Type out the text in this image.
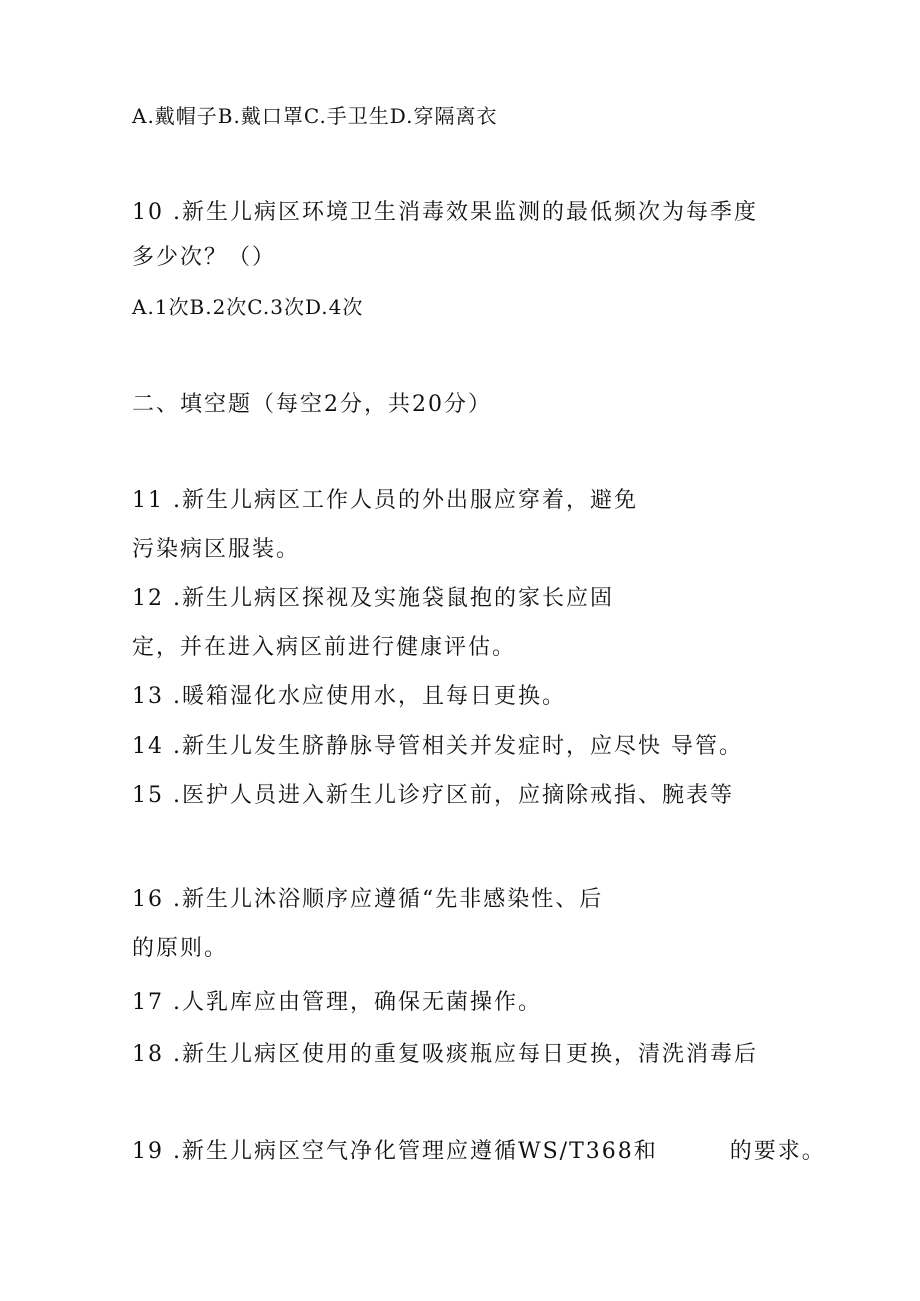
A.戴帽子B.戴口罩C.手卫生D.穿隔离衣
10 .新生儿病区环境卫生消毒效果监测的最低频次为每季度
多少次？（）
A.1次B.2次C.3次D.4次
二、填空题（每空2分，共20分）
11 .新生儿病区工作人员的外出服应穿着，避免
污染病区服装。
12 .新生儿病区探视及实施袋鼠抱的家长应固
定，并在进入病区前进行健康评估。
13 .暖箱湿化水应使用水，且每日更换。
14 .新生儿发生脐静脉导管相关并发症时，应尽快 导管。
15 .医护人员进入新生儿诊疗区前，应摘除戒指、腕表等
16 .新生儿沐浴顺序应遵循“先非感染性、后
的原则。
17 .人乳库应由管理，确保无菌操作。
18 .新生儿病区使用的重复吸痰瓶应每日更换，清洗消毒后
19 .新生儿病区空气净化管理应遵循WS/T368和        的要求。
